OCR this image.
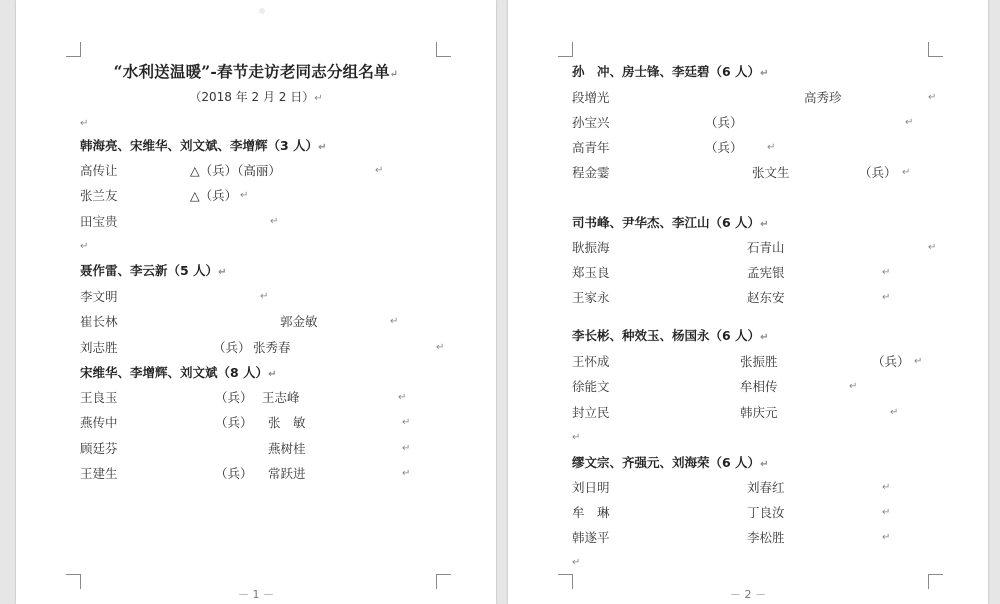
“水利送温暖”-春节走访老同志分组名单↵
（2018 年 2 月 2 日）↵
↵
韩海亮、宋维华、刘文斌、李增辉（3 人）↵
高传让	△（兵）（高丽）	↵
张兰友	△（兵） ↵
田宝贵	↵
↵
聂作雷、李云新（5 人）↵
李文明	↵
崔长林	郭金敏	↵
刘志胜	（兵） 张秀春	↵
宋维华、李增辉、刘文斌（8 人）↵
王良玉	（兵） 王志峰	↵
燕传中	（兵） 张　敏	↵
顾廷芬	燕树桂	↵
王建生	（兵） 常跃进	↵
－ 1 －
孙　冲、房士锋、李廷碧（6 人）↵
段增光	高秀珍	↵
孙宝兴	（兵）	↵
高青年	（兵） ↵
程金霎	张文生	（兵） ↵
司书峰、尹华杰、李江山（6 人）↵
耿振海	石青山	↵
郑玉良	孟宪银	↵
王家永	赵东安	↵
李长彬、种效玉、杨国永（6 人）↵
王怀成	张振胜	（兵） ↵
徐能文	牟相传	↵
封立民	韩庆元	↵
↵
缪文宗、齐强元、刘海荣（6 人）↵
刘日明	刘春红	↵
牟　琳	丁良汝	↵
韩遂平	李松胜	↵
↵
－ 2 －
